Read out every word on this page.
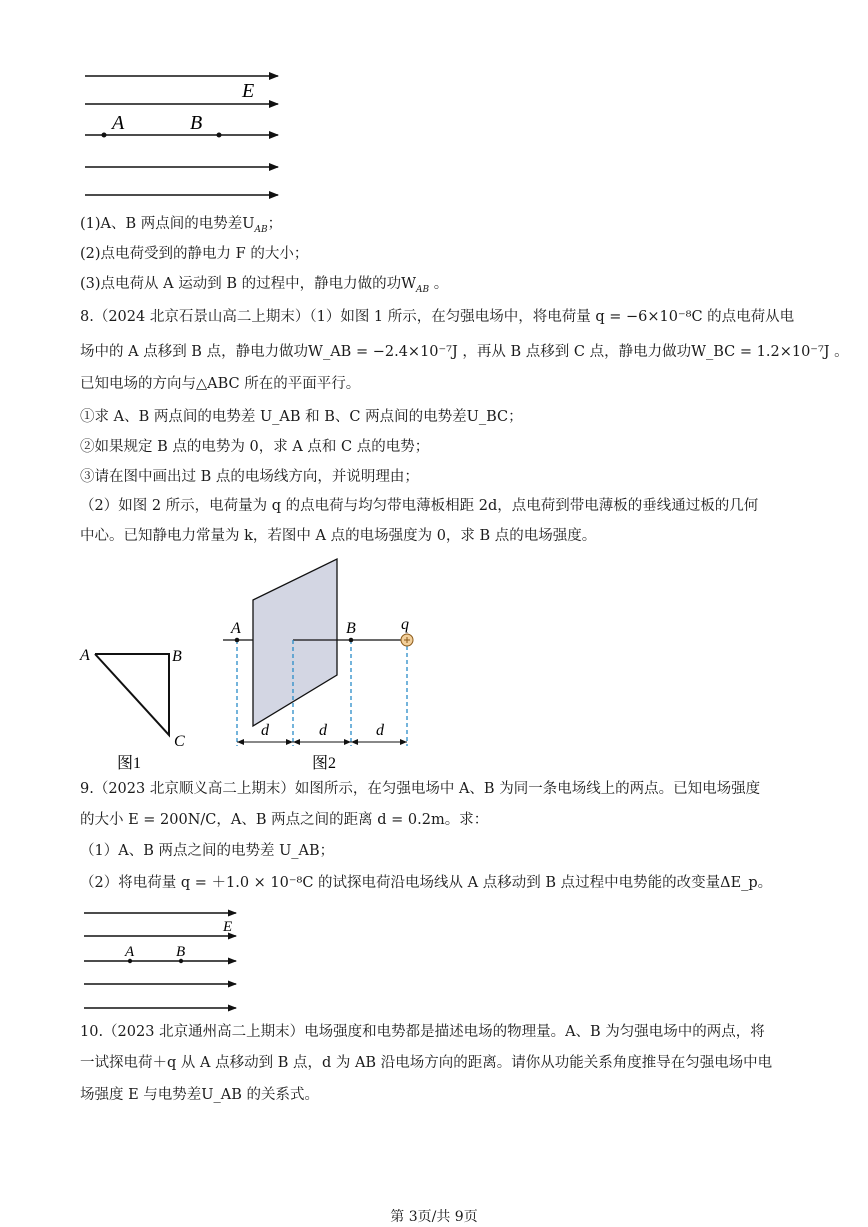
E
A	B
(1)A、B 两点间的电势差$U_{AB}$；
(2)点电荷受到的静电力 F 的大小；
(3)点电荷从 A 运动到 B 的过程中，静电力做的功$W_{AB}$ 。
8.（2024 北京石景山高二上期末）（1）如图 1 所示，在匀强电场中，将电荷量 q = −6×10⁻⁸C 的点电荷从电
场中的 A 点移到 B 点，静电力做功W_AB = −2.4×10⁻⁷J ，再从 B 点移到 C 点，静电力做功W_BC = 1.2×10⁻⁷J 。
已知电场的方向与△ABC 所在的平面平行。
①求 A、B 两点间的电势差 U_AB 和 B、C 两点间的电势差U_BC；
②如果规定 B 点的电势为 0，求 A 点和 C 点的电势；
③请在图中画出过 B 点的电场线方向，并说明理由；
（2）如图 2 所示，电荷量为 q 的点电荷与均匀带电薄板相距 2d，点电荷到带电薄板的垂线通过板的几何
中心。已知静电力常量为 k，若图中 A 点的电场强度为 0，求 B 点的电场强度。
A	B
C
图1
A	B	q
d	d	d
图2
9.（2023 北京顺义高二上期末）如图所示，在匀强电场中 A、B 为同一条电场线上的两点。已知电场强度
的大小 E = 200N/C，A、B 两点之间的距离 d = 0.2m。求：
（1）A、B 两点之间的电势差 U_AB；
（2）将电荷量 q = ＋1.0 × 10⁻⁸C 的试探电荷沿电场线从 A 点移动到 B 点过程中电势能的改变量ΔE_p。
E
A	B
10.（2023 北京通州高二上期末）电场强度和电势都是描述电场的物理量。A、B 为匀强电场中的两点，将
一试探电荷＋q 从 A 点移动到 B 点，d 为 AB 沿电场方向的距离。请你从功能关系角度推导在匀强电场中电
场强度 E 与电势差U_AB 的关系式。
第 3页/共 9页
